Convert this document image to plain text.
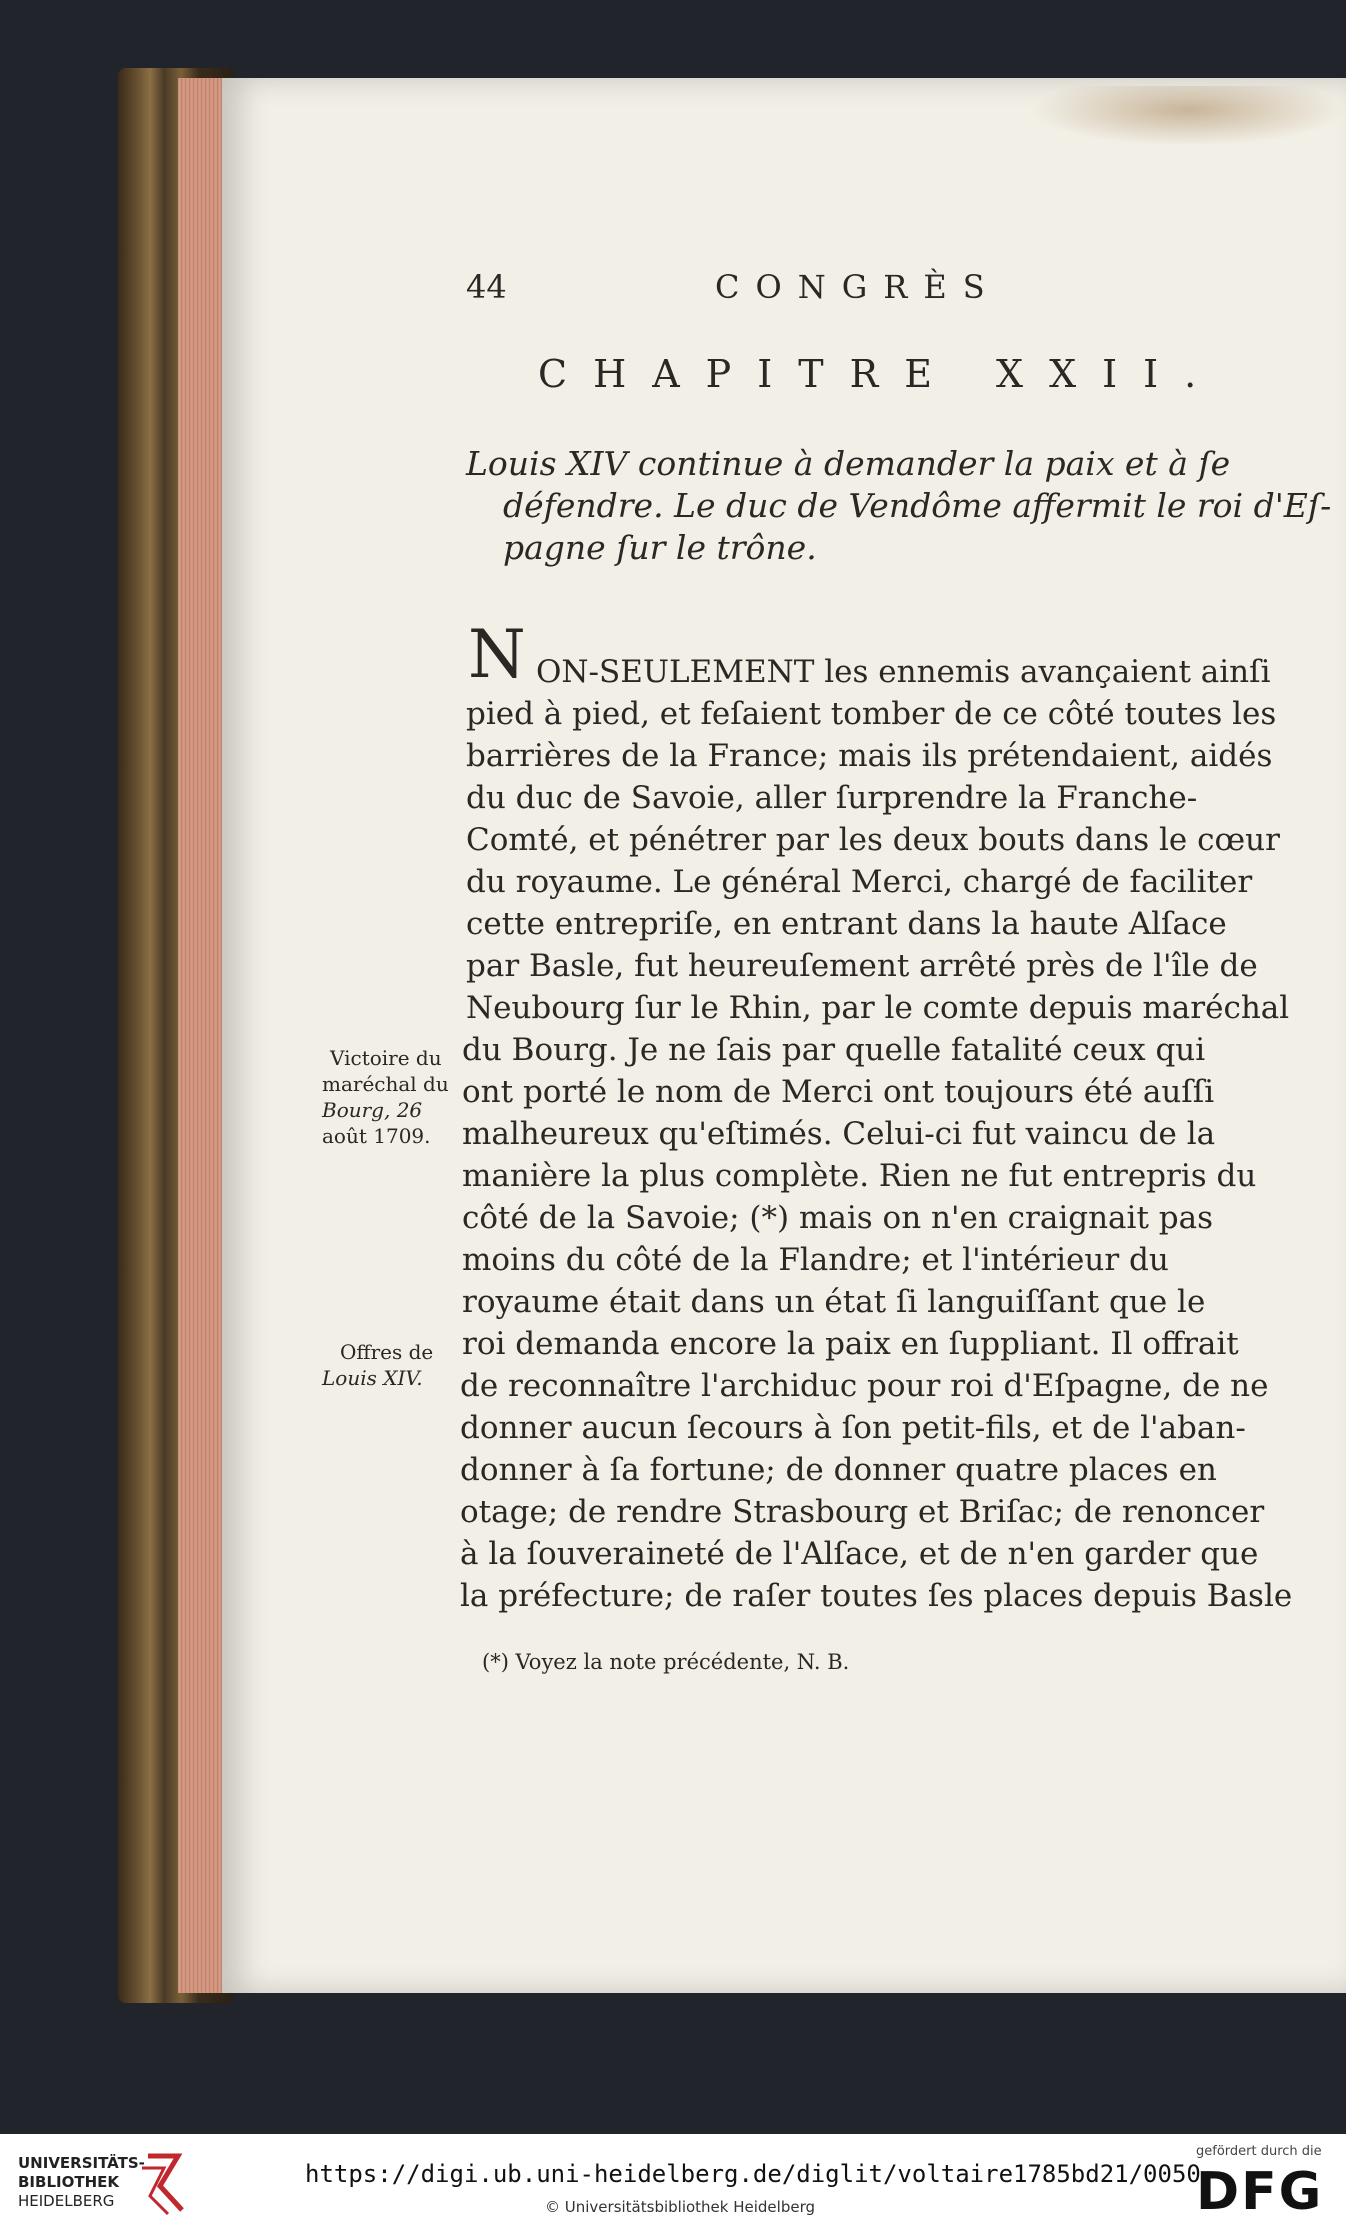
44	CONGRÈS
CHAPITRE XXII.
Louis XIV continue à demander la paix et à ſe
défendre. Le duc de Vendôme affermit le roi d'Eſ-
pagne ſur le trône.
N ON-SEULEMENT les ennemis avançaient ainſi
pied à pied, et feſaient tomber de ce côté toutes les
barrières de la France; mais ils prétendaient, aidés
du duc de Savoie, aller ſurprendre la Franche-
Comté, et pénétrer par les deux bouts dans le cœur
du royaume. Le général Merci, chargé de faciliter
cette entrepriſe, en entrant dans la haute Alſace
par Basle, fut heureuſement arrêté près de l'île de
Neubourg ſur le Rhin, par le comte depuis maréchal
du Bourg. Je ne ſais par quelle fatalité ceux qui
ont porté le nom de Merci ont toujours été auſſi
malheureux qu'eſtimés. Celui-ci fut vaincu de la
manière la plus complète. Rien ne fut entrepris du
côté de la Savoie; (*) mais on n'en craignait pas
moins du côté de la Flandre; et l'intérieur du
royaume était dans un état ſi languiſſant que le
roi demanda encore la paix en ſuppliant. Il offrait
de reconnaître l'archiduc pour roi d'Eſpagne, de ne
donner aucun ſecours à ſon petit-fils, et de l'aban-
donner à ſa fortune; de donner quatre places en
otage; de rendre Strasbourg et Briſac; de renoncer
à la ſouveraineté de l'Alſace, et de n'en garder que
la préfecture; de raſer toutes ſes places depuis Basle
Victoire du
maréchal du
Bourg, 26
août 1709.
Offres de
Louis XIV.
(*) Voyez la note précédente, N. B.
UNIVERSITÄTS-
BIBLIOTHEK
HEIDELBERG
https://digi.ub.uni-heidelberg.de/diglit/voltaire1785bd21/0050
© Universitätsbibliothek Heidelberg
gefördert durch die
DFG
